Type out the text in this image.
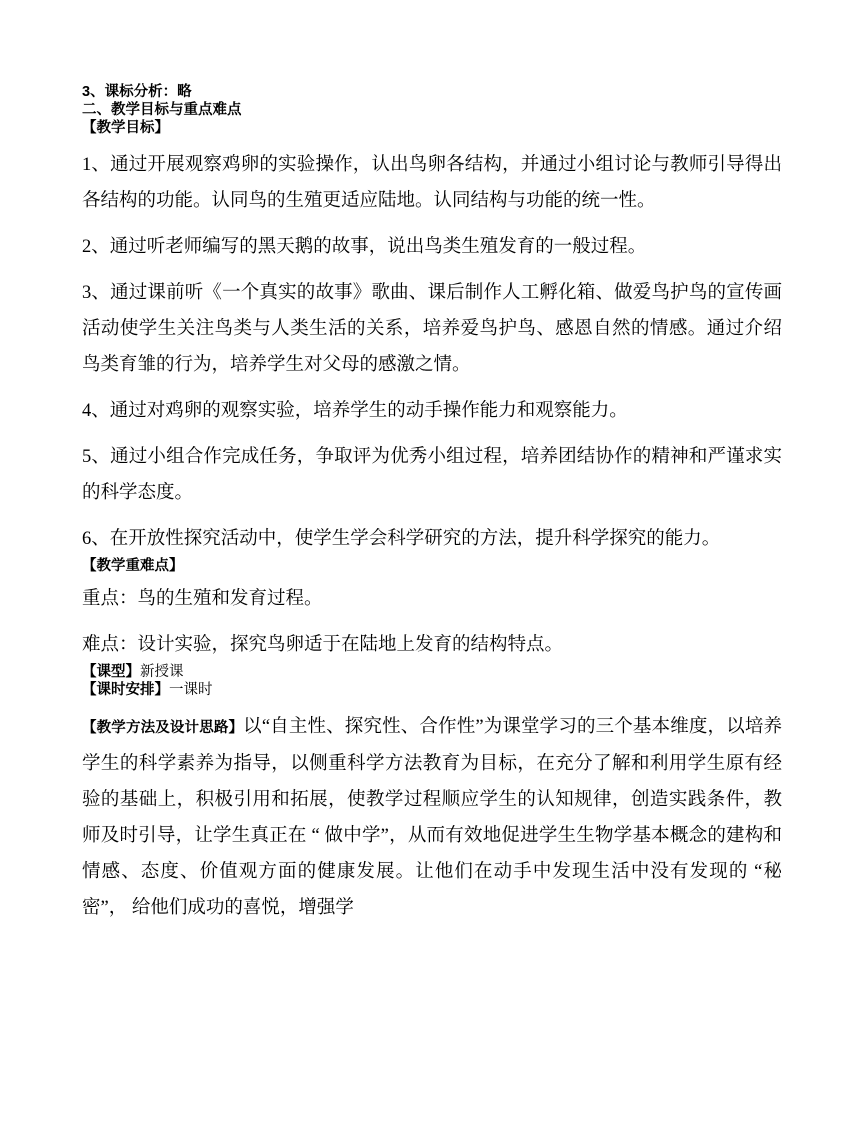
3、课标分析：略

二、教学目标与重点难点

【教学目标】

1、通过开展观察鸡卵的实验操作，认出鸟卵各结构，并通过小组讨论与教师引导得出各结构的功能。认同鸟的生殖更适应陆地。认同结构与功能的统一性。

2、通过听老师编写的黑天鹅的故事，说出鸟类生殖发育的一般过程。

3、通过课前听《一个真实的故事》歌曲、课后制作人工孵化箱、做爱鸟护鸟的宣传画活动使学生关注鸟类与人类生活的关系，培养爱鸟护鸟、感恩自然的情感。通过介绍鸟类育雏的行为，培养学生对父母的感激之情。

4、通过对鸡卵的观察实验，培养学生的动手操作能力和观察能力。

5、通过小组合作完成任务，争取评为优秀小组过程，培养团结协作的精神和严谨求实的科学态度。

6、在开放性探究活动中，使学生学会科学研究的方法，提升科学探究的能力。

【教学重难点】

重点：鸟的生殖和发育过程。

难点：设计实验，探究鸟卵适于在陆地上发育的结构特点。

【课型】新授课

【课时安排】一课时

【教学方法及设计思路】以“自主性、探究性、合作性”为课堂学习的三个基本维度，以培养学生的科学素养为指导，以侧重科学方法教育为目标，在充分了解和利用学生原有经验的基础上，积极引用和拓展，使教学过程顺应学生的认知规律，创造实践条件，教师及时引导，让学生真正在 “ 做中学”，从而有效地促进学生生物学基本概念的建构和情感、态度、价值观方面的健康发展。让他们在动手中发现生活中没有发现的 “秘密”， 给他们成功的喜悦，增强学
